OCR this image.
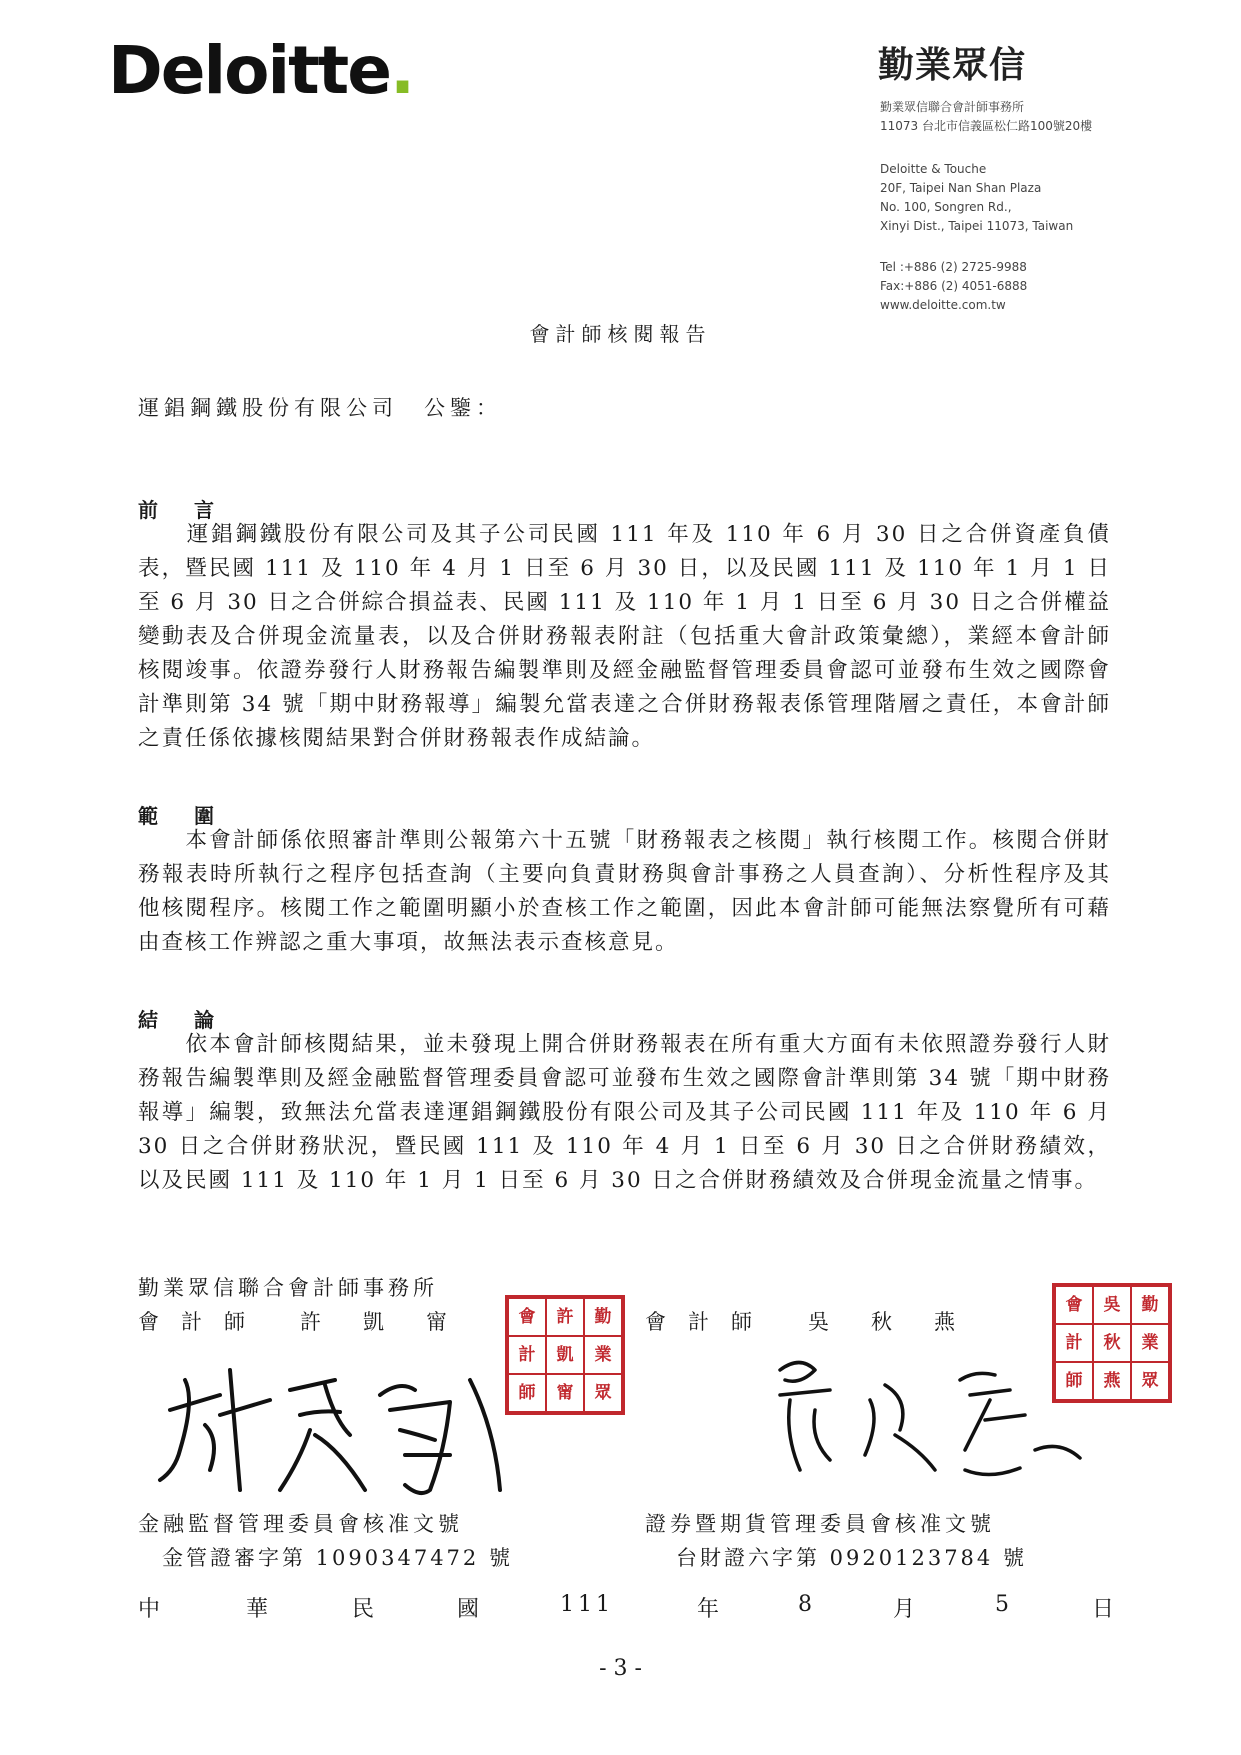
Deloitte.	勤業眾信
勤業眾信聯合會計師事務所
11073 台北市信義區松仁路100號20樓
Deloitte & Touche
20F, Taipei Nan Shan Plaza
No. 100, Songren Rd.,
Xinyi Dist., Taipei 11073, Taiwan
Tel :+886 (2) 2725-9988
Fax:+886 (2) 4051-6888
www.deloitte.com.tw
會計師核閱報告
運錩鋼鐵股份有限公司　公鑒：
前言
　　運錩鋼鐵股份有限公司及其子公司民國 111 年及 110 年 6 月 30 日之合併資產負債表，暨民國 111 及 110 年 4 月 1 日至 6 月 30 日，以及民國 111 及 110 年 1 月 1 日至 6 月 30 日之合併綜合損益表、民國 111 及 110 年 1 月 1 日至 6 月 30 日之合併權益變動表及合併現金流量表，以及合併財務報表附註（包括重大會計政策彙總），業經本會計師核閱竣事。依證券發行人財務報告編製準則及經金融監督管理委員會認可並發布生效之國際會計準則第 34 號「期中財務報導」編製允當表達之合併財務報表係管理階層之責任，本會計師之責任係依據核閱結果對合併財務報表作成結論。
範圍
　　本會計師係依照審計準則公報第六十五號「財務報表之核閱」執行核閱工作。核閱合併財務報表時所執行之程序包括查詢（主要向負責財務與會計事務之人員查詢）、分析性程序及其他核閱程序。核閱工作之範圍明顯小於查核工作之範圍，因此本會計師可能無法察覺所有可藉由查核工作辨認之重大事項，故無法表示查核意見。
結論
　　依本會計師核閱結果，並未發現上開合併財務報表在所有重大方面有未依照證券發行人財務報告編製準則及經金融監督管理委員會認可並發布生效之國際會計準則第 34 號「期中財務報導」編製，致無法允當表達運錩鋼鐵股份有限公司及其子公司民國 111 年及 110 年 6 月 30 日之合併財務狀況，暨民國 111 及 110 年 4 月 1 日至 6 月 30 日之合併財務績效，以及民國 111 及 110 年 1 月 1 日至 6 月 30 日之合併財務績效及合併現金流量之情事。
勤業眾信聯合會計師事務所
會計師 許凱甯	會	許	勤
計	凱	業
師	甯	眾
會計師 吳秋燕
會	吳	勤
計	秋	業
師	燕	眾
金融監督管理委員會核准文號
金管證審字第 1090347472 號
證券暨期貨管理委員會核准文號
台財證六字第 0920123784 號
中	華	民	國	111	年	8	月	5	日
- 3 -
